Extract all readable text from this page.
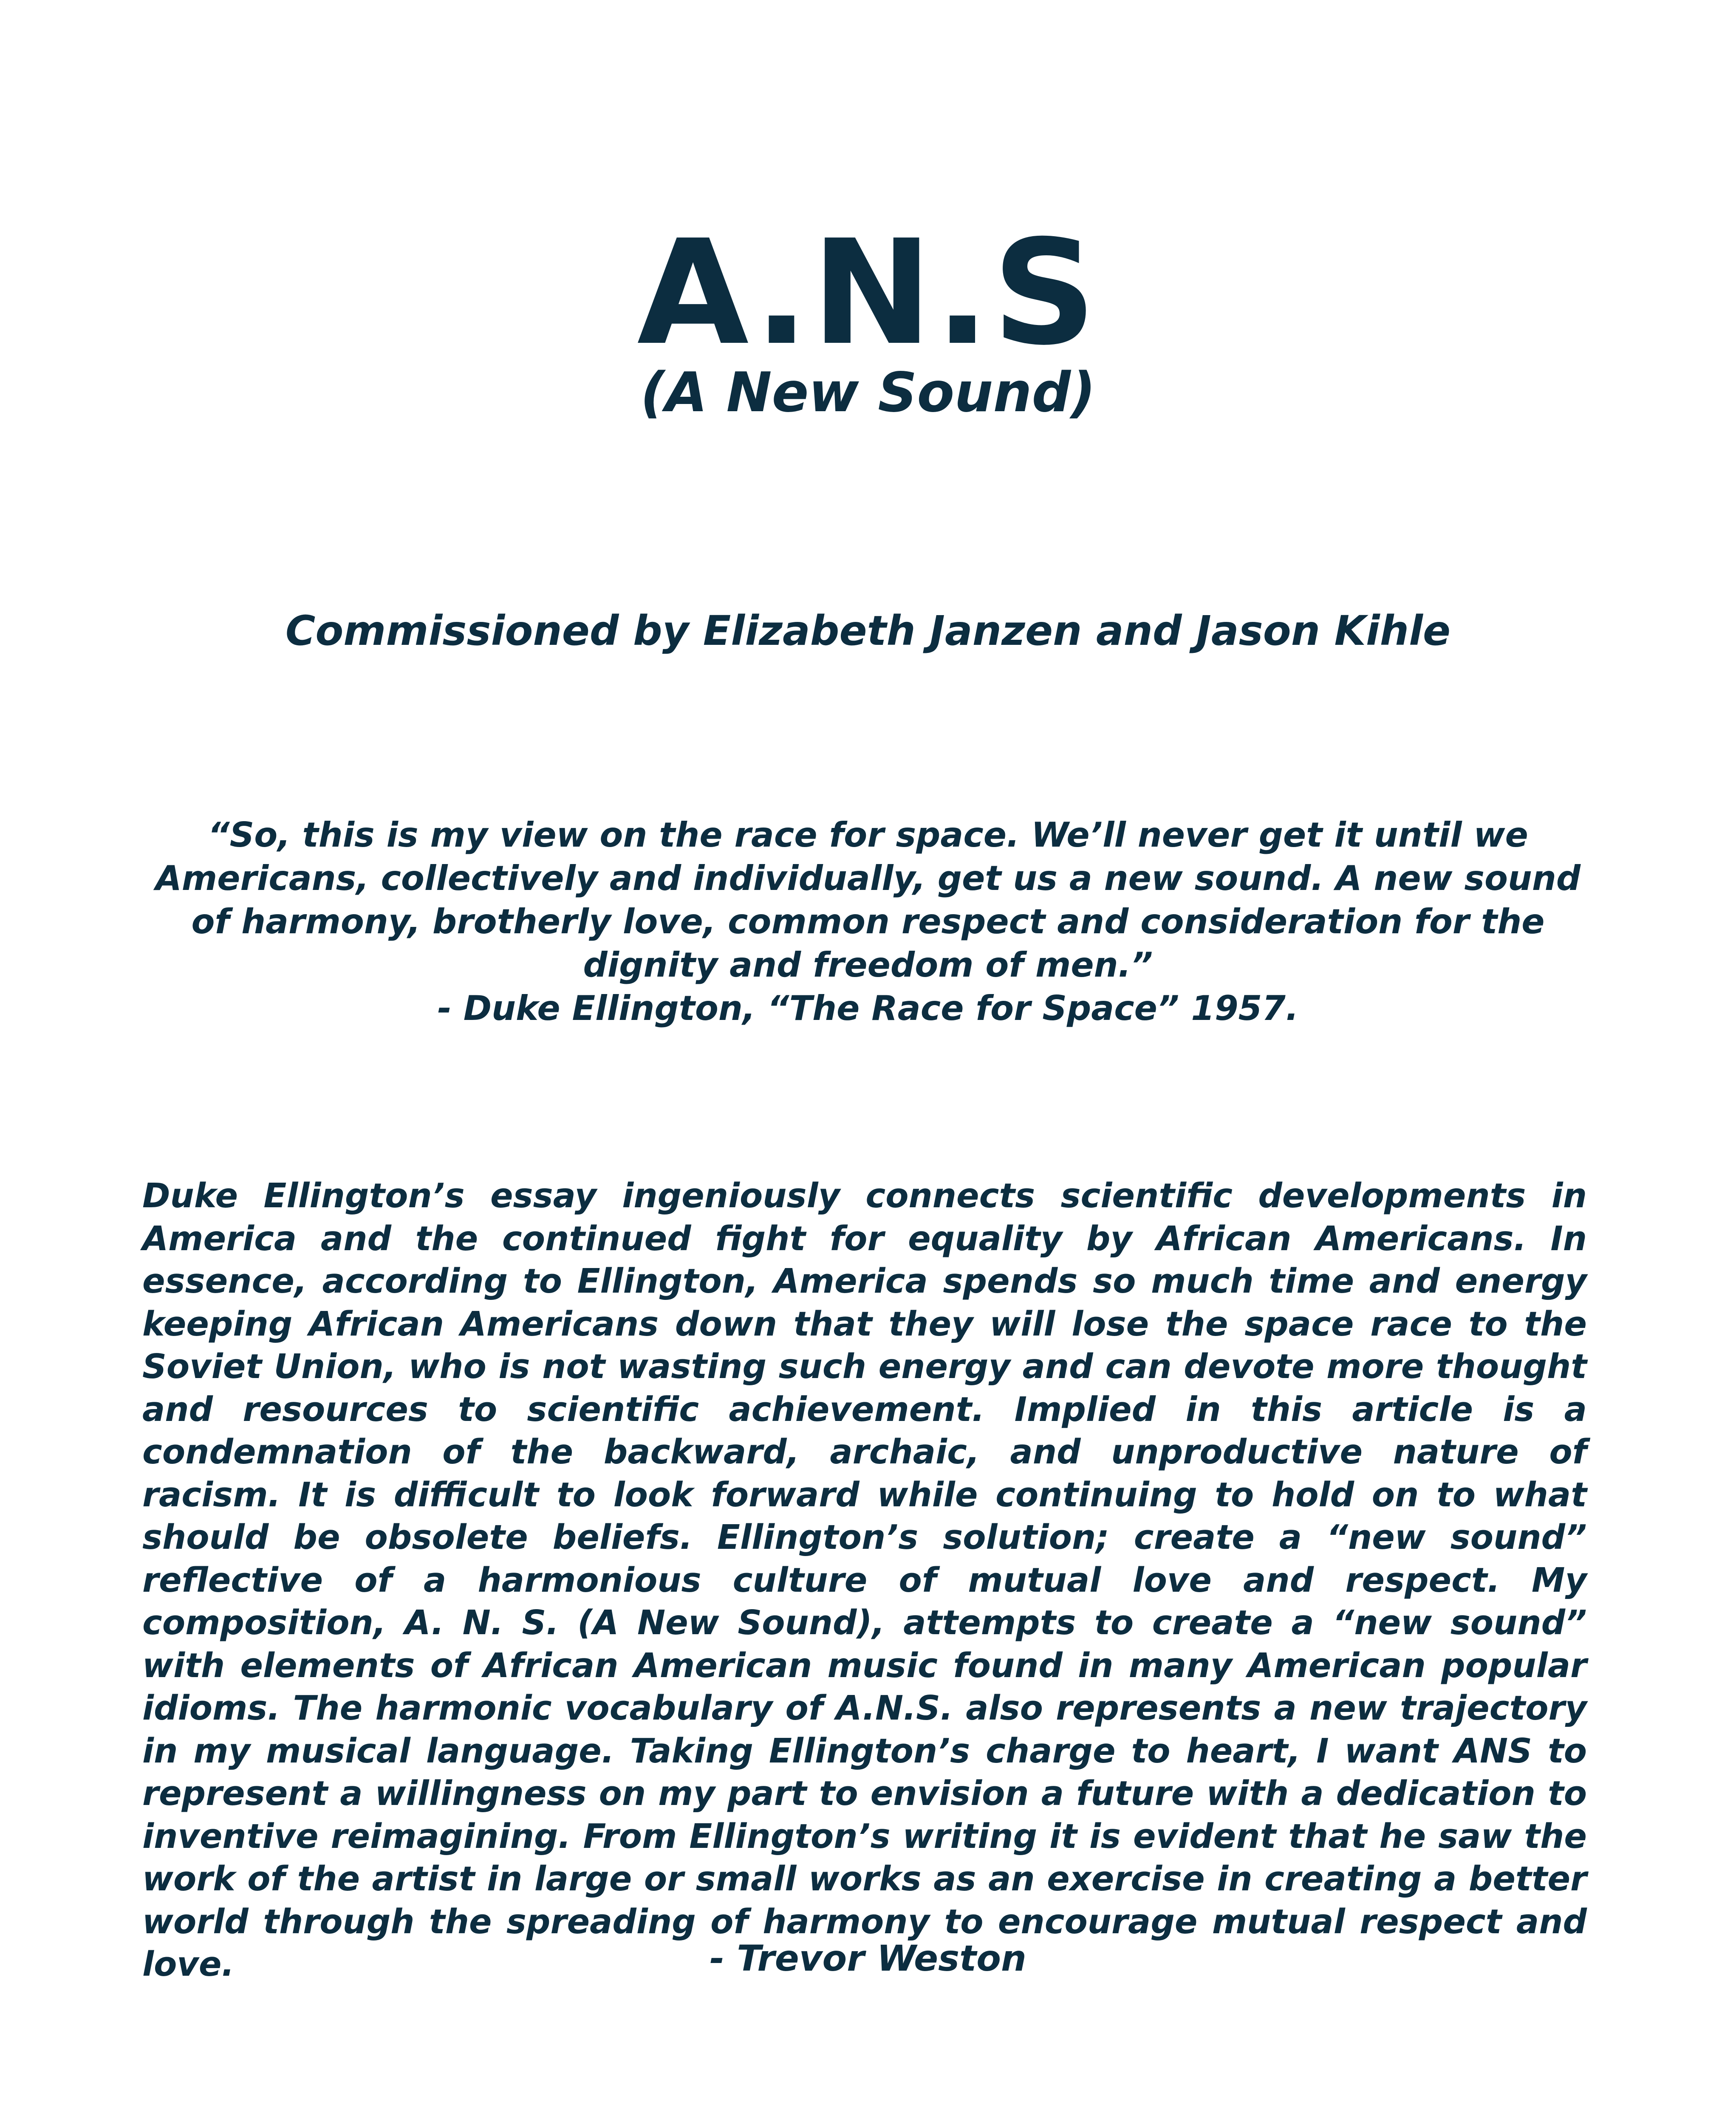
A.N.S
(A New Sound)
Commissioned by Elizabeth Janzen and Jason Kihle
“So, this is my view on the race for space. We’ll never get it until we Americans, collectively and individually, get us a new sound. A new sound of harmony, brotherly love, common respect and consideration for the dignity and freedom of men.”
- Duke Ellington, “The Race for Space” 1957.
Duke Ellington’s essay ingeniously connects scientific developments in America and the continued fight for equality by African Americans. In essence, according to Ellington, America spends so much time and energy keeping African Americans down that they will lose the space race to the Soviet Union, who is not wasting such energy and can devote more thought and resources to scientific achievement. Implied in this article is a condemnation of the backward, archaic, and unproductive nature of racism. It is difficult to look forward while continuing to hold on to what should be obsolete beliefs. Ellington’s solution; create a “new sound” reflective of a harmonious culture of mutual love and respect. My composition, A. N. S. (A New Sound), attempts to create a “new sound” with elements of African American music found in many American popular idioms. The harmonic vocabulary of A.N.S. also represents a new trajectory in my musical language. Taking Ellington’s charge to heart, I want ANS to represent a willingness on my part to envision a future with a dedication to inventive reimagining. From Ellington’s writing it is evident that he saw the work of the artist in large or small works as an exercise in creating a better world through the spreading of harmony to encourage mutual respect and love.	- Trevor Weston
